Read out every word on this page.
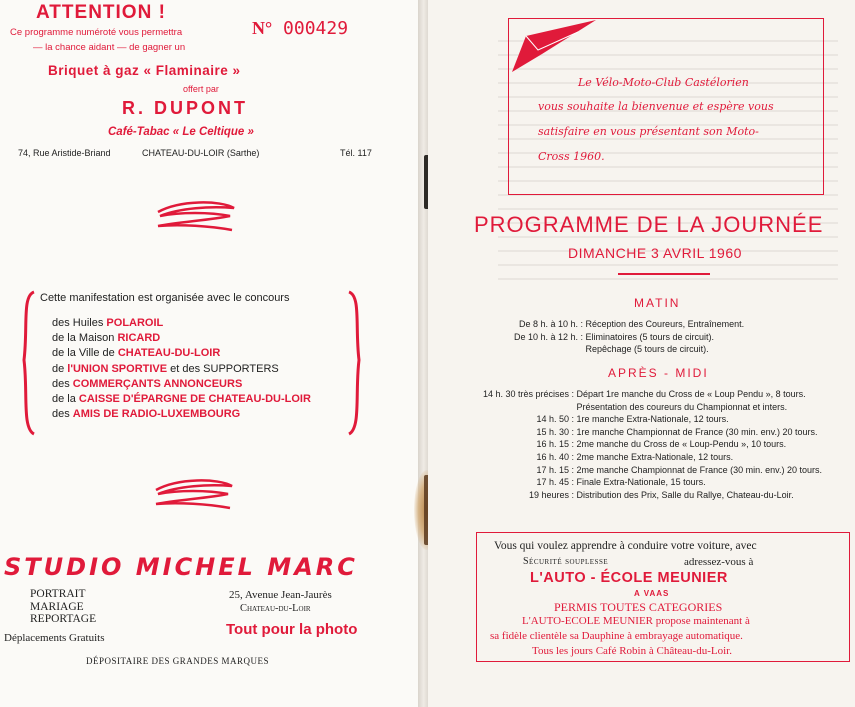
ATTENTION !
Ce programme numéroté vous permettra
— la chance aidant — de gagner un
N° 000429
Briquet à gaz « Flaminaire »
offert par
R. DUPONT
Café-Tabac « Le Celtique »
74, Rue Aristide-Briand	CHATEAU-DU-LOIR (Sarthe)	Tél. 117
Cette manifestation est organisée avec le concours
des Huiles POLAROIL
de la Maison RICARD
de la Ville de CHATEAU-DU-LOIR
de l'UNION SPORTIVE et des SUPPORTERS
des COMMERÇANTS ANNONCEURS
de la CAISSE D'ÉPARGNE DE CHATEAU-DU-LOIR
des AMIS DE RADIO-LUXEMBOURG
STUDIO MICHEL MARC
PORTRAIT
MARIAGE
REPORTAGE
Déplacements Gratuits
25, Avenue Jean-Jaurès
Chateau-du-Loir
Tout pour la photo
DÉPOSITAIRE DES GRANDES MARQUES
Le Vélo-Moto-Club Castélorien
vous souhaite la bienvenue et espère vous
satisfaire en vous présentant son Moto-
Cross 1960.
PROGRAMME DE LA JOURNÉE
DIMANCHE 3 AVRIL 1960
MATIN
De 8 h. à 10 h. : Réception des Coureurs, Entraînement.
De 10 h. à 12 h. : Eliminatoires (5 tours de circuit).
Repêchage (5 tours de circuit).
APRÈS - MIDI
14 h. 30 très précises : Départ 1re manche du Cross de « Loup Pendu », 8 tours.
Présentation des coureurs du Championnat et inters.
14 h. 50 : 1re manche Extra-Nationale, 12 tours.
15 h. 30 : 1re manche Championnat de France (30 min. env.) 20 tours.
16 h. 15 : 2me manche du Cross de « Loup-Pendu », 10 tours.
16 h. 40 : 2me manche Extra-Nationale, 12 tours.
17 h. 15 : 2me manche Championnat de France (30 min. env.) 20 tours.
17 h. 45 : Finale Extra-Nationale, 15 tours.
19 heures : Distribution des Prix, Salle du Rallye, Chateau-du-Loir.
Vous qui voulez apprendre à conduire votre voiture, avec
Sécurité souplesse	adressez-vous à
L'AUTO - ÉCOLE MEUNIER
A VAAS
PERMIS TOUTES CATEGORIES
L'AUTO-ECOLE MEUNIER propose maintenant à
sa fidèle clientèle sa Dauphine à embrayage automatique.
Tous les jours Café Robin à Château-du-Loir.
